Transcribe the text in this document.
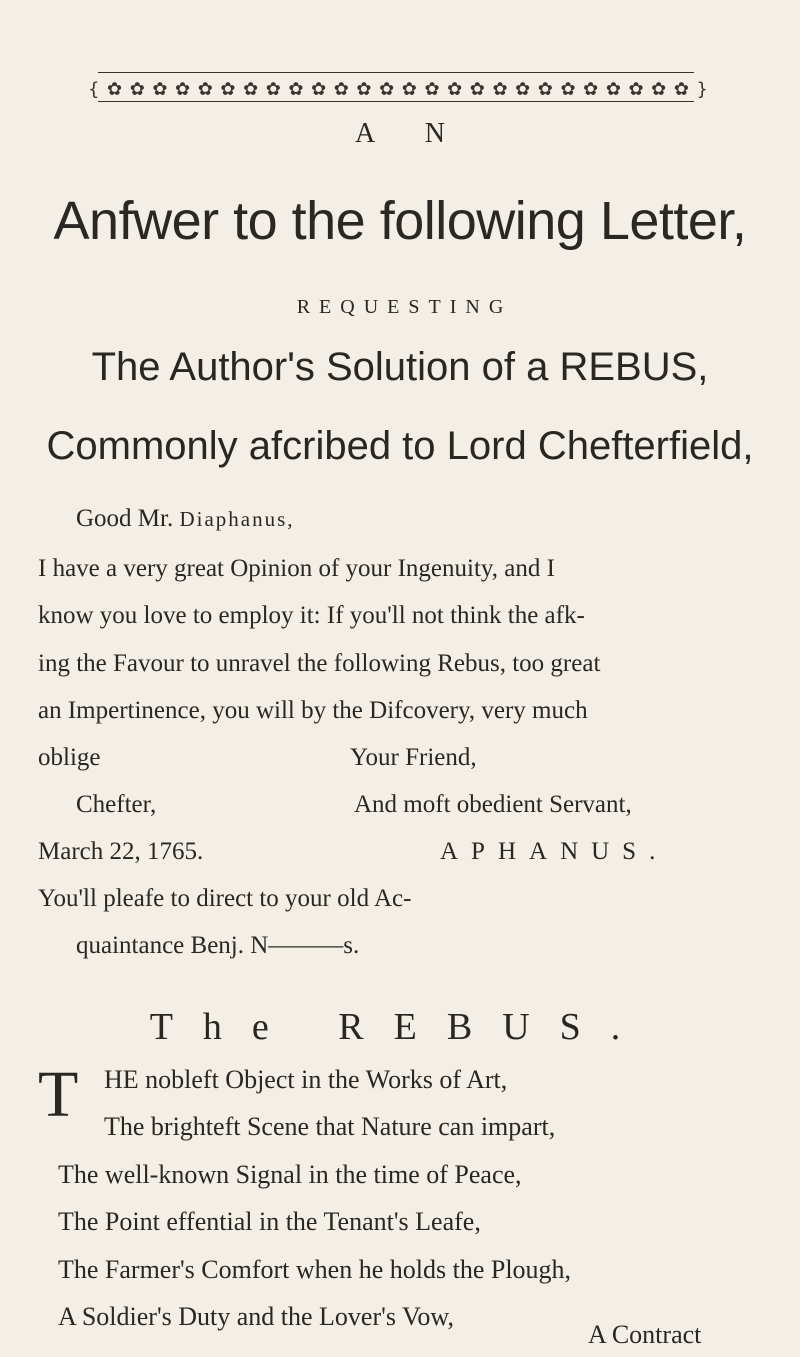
{ ✿ ✿ ✿ ✿ ✿ ✿ ✿ ✿ ✿ ✿ ✿ ✿ ✿ ✿ ✿ ✿ ✿ ✿ ✿ ✿ ✿ ✿ ✿ ✿ ✿ ✿ }
A N
Anfwer to the following Letter,
REQUESTING
The Author's Solution of a REBUS,
Commonly afcribed to Lord Chefterfield,
Good Mr. Diaphanus,
I have a very great Opinion of your Ingenuity, and I
know you love to employ it: If you'll not think the afk-
ing the Favour to unravel the following Rebus, too great
an Impertinence, you will by the Difcovery, very much
oblige	Your Friend,
Chefter,	And moft obedient Servant,
March 22, 1765.	APHANUS.
You'll pleafe to direct to your old Ac-
quaintance Benj. N———s.
The REBUS.
T HE nobleft Object in the Works of Art,
The brighteft Scene that Nature can impart,
The well-known Signal in the time of Peace,
The Point effential in the Tenant's Leafe,
The Farmer's Comfort when he holds the Plough,
A Soldier's Duty and the Lover's Vow,
A Contract
